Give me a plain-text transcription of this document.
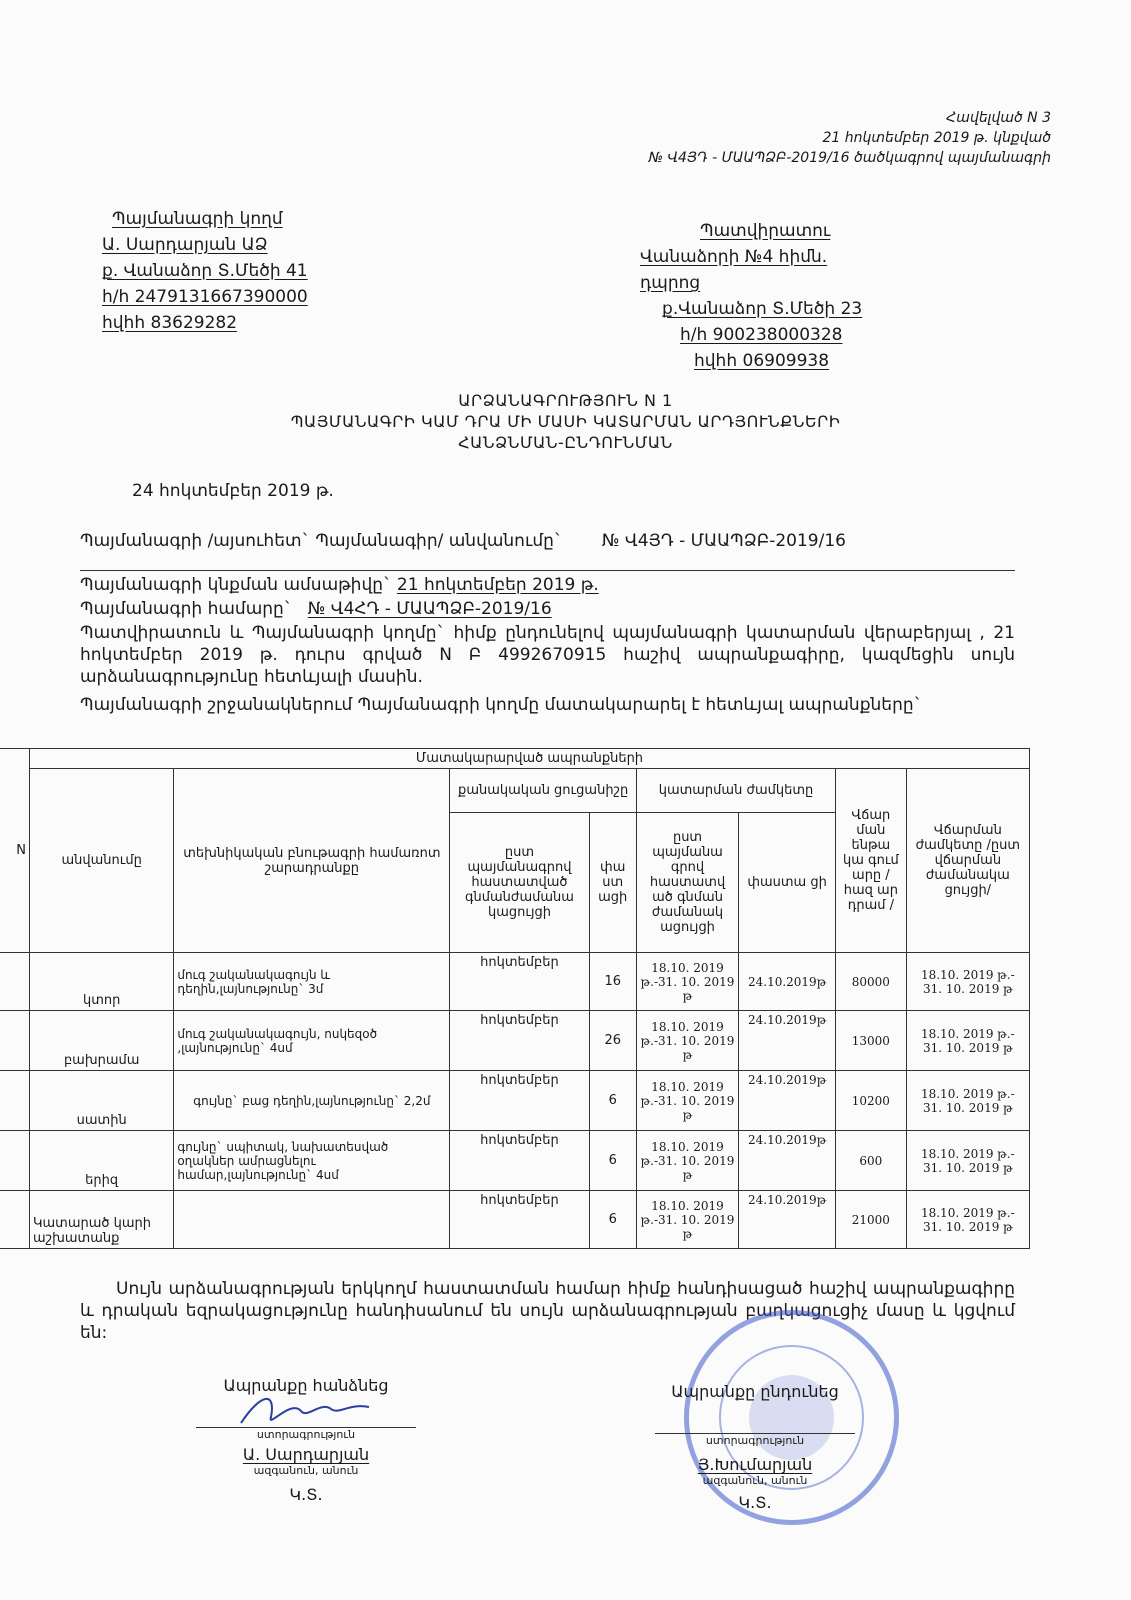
Հավելված N 3
21 հոկտեմբեր 2019 թ. կնքված
№ Վ4ՅԴ - ՄԱԱՊՁԲ-2019/16 ծածկագրով պայմանագրի
Պայմանագրի կողմ
Ա. Սարդարյան ԱՁ
ք. Վանաձոր Տ.Մեծի 41
հ/հ 2479131667390000
հվհհ 83629282
Պատվիրատու
Վանաձորի №4 հիմն. դպրոց
ք.Վանաձոր Տ.Մեծի 23
հ/հ 900238000328
հվհհ 06909938
ԱՐՁԱՆԱԳՐՈՒԹՅՈՒՆ N 1
ՊԱՅՄԱՆԱԳՐԻ ԿԱՄ ԴՐԱ ՄԻ ՄԱՍԻ ԿԱՏԱՐՄԱՆ ԱՐԴՅՈՒՆՔՆԵՐԻ
ՀԱՆՁՆՄԱՆ-ԸՆԴՈՒՆՄԱՆ
24 հոկտեմբեր 2019 թ.
Պայմանագրի /այսուհետ` Պայմանագիր/ անվանումը` № Վ4ՅԴ - ՄԱԱՊՁԲ-2019/16
Պայմանագրի կնքման ամսաթիվը` 21 հոկտեմբեր 2019 թ.
Պայմանագրի համարը` № Վ4ՀԴ - ՄԱԱՊՁԲ-2019/16
Պատվիրատուն և Պայմանագրի կողմը` հիմք ընդունելով պայմանագրի կատարման վերաբերյալ , 21 հոկտեմբեր 2019 թ. դուրս գրված N Բ 4992670915 հաշիվ ապրանքագիրը, կազմեցին սույն արձանագրությունը հետևյալի մասին.
Պայմանագրի շրջանակներում Պայմանագրի կողմը մատակարարել է հետևյալ ապրանքները`
N	Մատակարարված ապրանքների							
	անվանումը	տեխնիկական բնութագրի համառոտ շարադրանքը	քանակական ցուցանիշը		կատարման ժամկետը		Վճար ման ենթա կա գում արը /հազ ար դրամ /	Վճարման ժամկետը /ըստ վճարման ժամանակա ցույցի/
			ըստ պայմանագրով հաստատված գնմանժամանա կացույցի	փա ստ ացի	ըստ պայմանա գրով հաստատվ ած գնման ժամանակ ացույցի	փաստա ցի		
	կտոր	մուգ շականակագույն և դեղին,լայնությունը` 3մ	հոկտեմբեր	16	18.10. 2019 թ.-31. 10. 2019 թ	24.10.2019թ	80000	18.10. 2019 թ.- 31. 10. 2019 թ
	բախրամա	մուգ շականակագույն, ոսկեզօծ ,լայնությունը` 4սմ	հոկտեմբեր	26	18.10. 2019 թ.-31. 10. 2019 թ	24.10.2019թ	13000	18.10. 2019 թ.- 31. 10. 2019 թ
	սատին	գույնը` բաց դեղին,լայնությունը` 2,2մ	հոկտեմբեր	6	18.10. 2019 թ.-31. 10. 2019 թ	24.10.2019թ	10200	18.10. 2019 թ.- 31. 10. 2019 թ
	երիզ	գույնը` սպիտակ, նախատեսված օղակներ ամրացնելու համար,լայնությունը` 4սմ	հոկտեմբեր	6	18.10. 2019 թ.-31. 10. 2019 թ	24.10.2019թ	600	18.10. 2019 թ.- 31. 10. 2019 թ
	Կատարած կարի աշխատանք		հոկտեմբեր	6	18.10. 2019 թ.-31. 10. 2019 թ	24.10.2019թ	21000	18.10. 2019 թ.- 31. 10. 2019 թ
Սույն արձանագրության երկկողմ հաստատման համար հիմք հանդիսացած հաշիվ ապրանքագիրը և դրական եզրակացությունը հանդիսանում են սույն արձանագրության բաղկացուցիչ մասը և կցվում են:
Ապրանքը հանձնեց
ստորագրություն
Ա. Սարդարյան
ազգանուն, անուն
Կ.Տ.
Ապրանքը ընդունեց
ստորագրություն
Յ.Խումարյան
ազգանուն, անուն
Կ.Տ.
